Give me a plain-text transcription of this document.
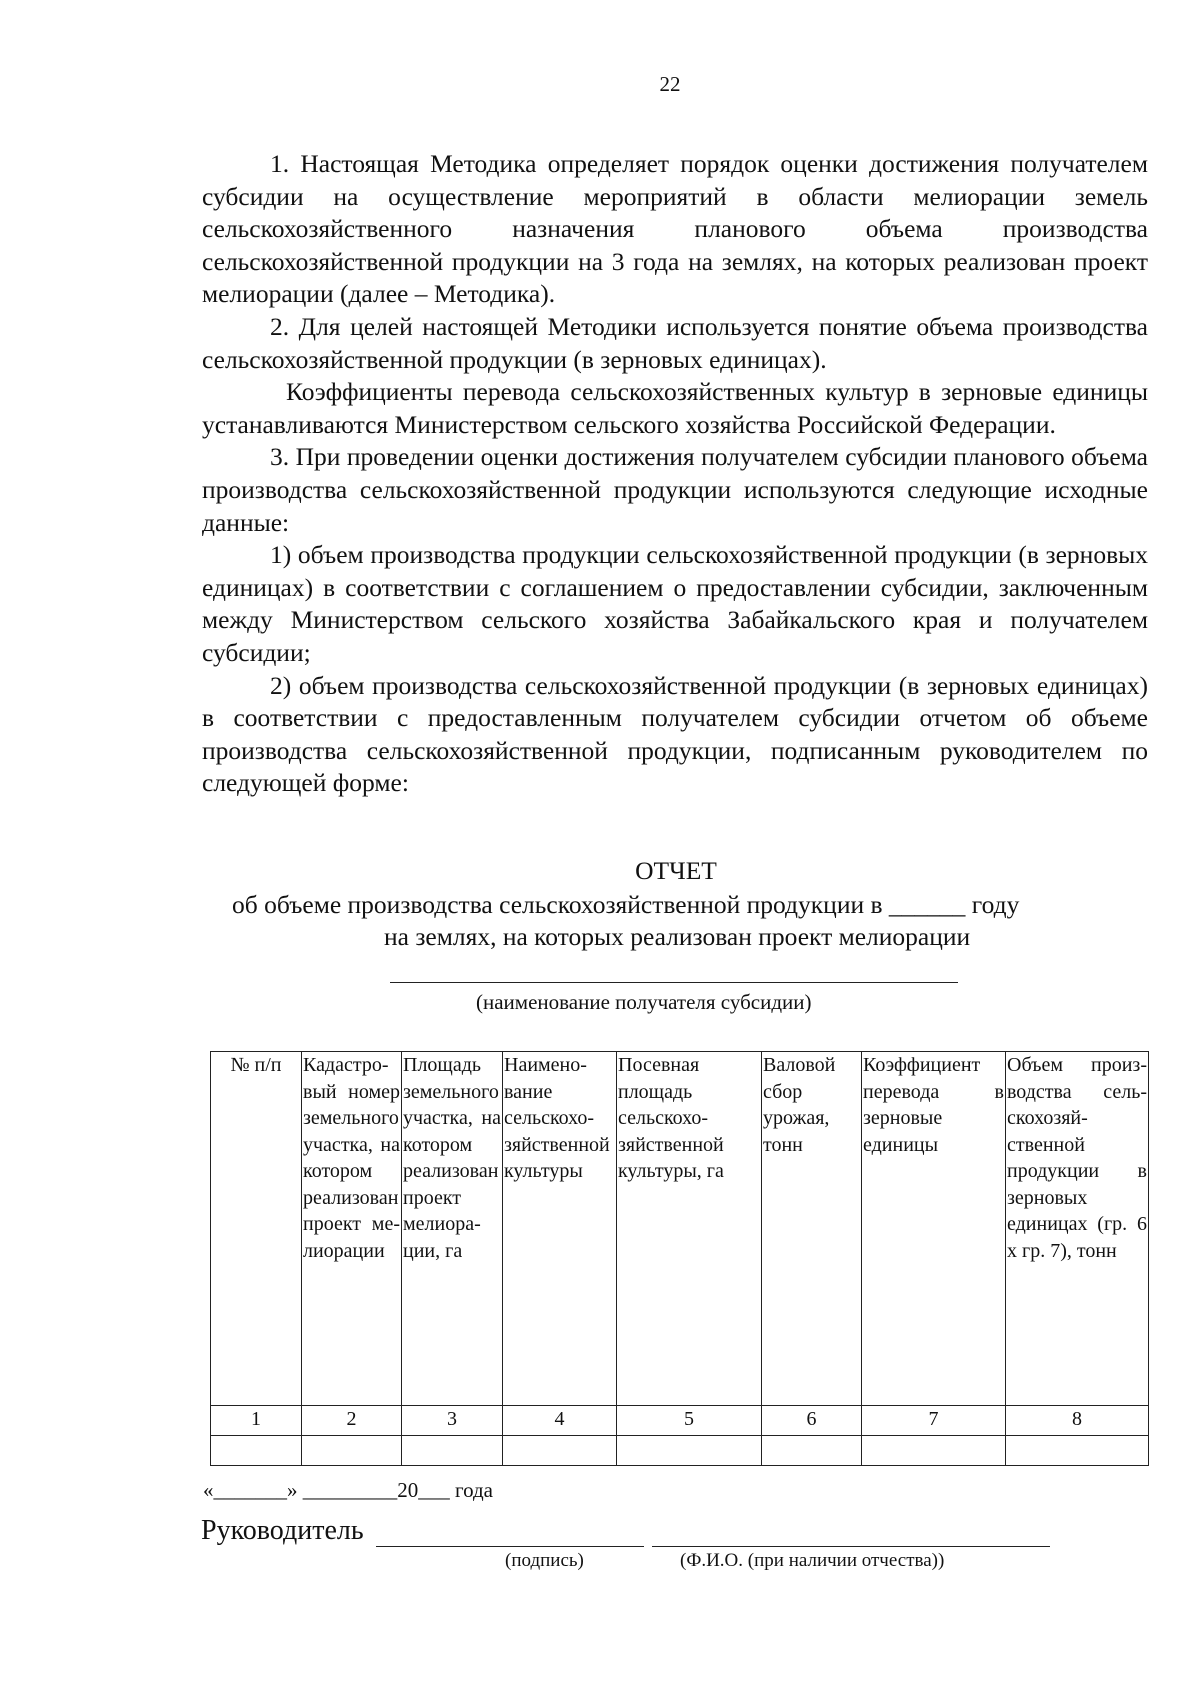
22

1. Настоящая Методика определяет порядок оценки достижения получателем субсидии на осуществление мероприятий в области мелиорации земель сельскохозяйственного назначения планового объема производства сельскохозяйственной продукции на 3 года на землях, на которых реализован проект мелиорации (далее – Методика).

2. Для целей настоящей Методики используется понятие объема производства сельскохозяйственной продукции (в зерновых единицах).

Коэффициенты перевода сельскохозяйственных культур в зерновые единицы устанавливаются Министерством сельского хозяйства Российской Федерации.

3. При проведении оценки достижения получателем субсидии планового объема производства сельскохозяйственной продукции используются следующие исходные данные:

1) объем производства продукции сельскохозяйственной продукции (в зерновых единицах) в соответствии с соглашением о предоставлении субсидии, заключенным между Министерством сельского хозяйства Забайкальского края и получателем субсидии;

2) объем производства сельскохозяйственной продукции (в зерновых единицах) в соответствии с предоставленным получателем субсидии отчетом об объеме производства сельскохозяйственной продукции, подписанным руководителем по следующей форме:

ОТЧЕТ
об объеме производства сельскохозяйственной продукции в ______ году
на землях, на которых реализован проект мелиорации
(наименование получателя субсидии)
№ п/п	Кадастровый номер земельного участка, на котором реализован проект мелиорации	Площадь земельного участка, на котором реализован проект мелиорации, га	Наименование сельскохозяйственной культуры	Посевная площадь сельскохозяйственной культуры, га	Валовой сбор урожая, тонн	Коэффициент перевода в зерновые единицы	Объем производства сельскохозяйственной продукции в зерновых единицах (гр. 6 x гр. 7), тонн
1	2	3	4	5	6	7	8

«_______» _________20___ года
Руководитель
(подпись)	(Ф.И.О. (при наличии отчества))
